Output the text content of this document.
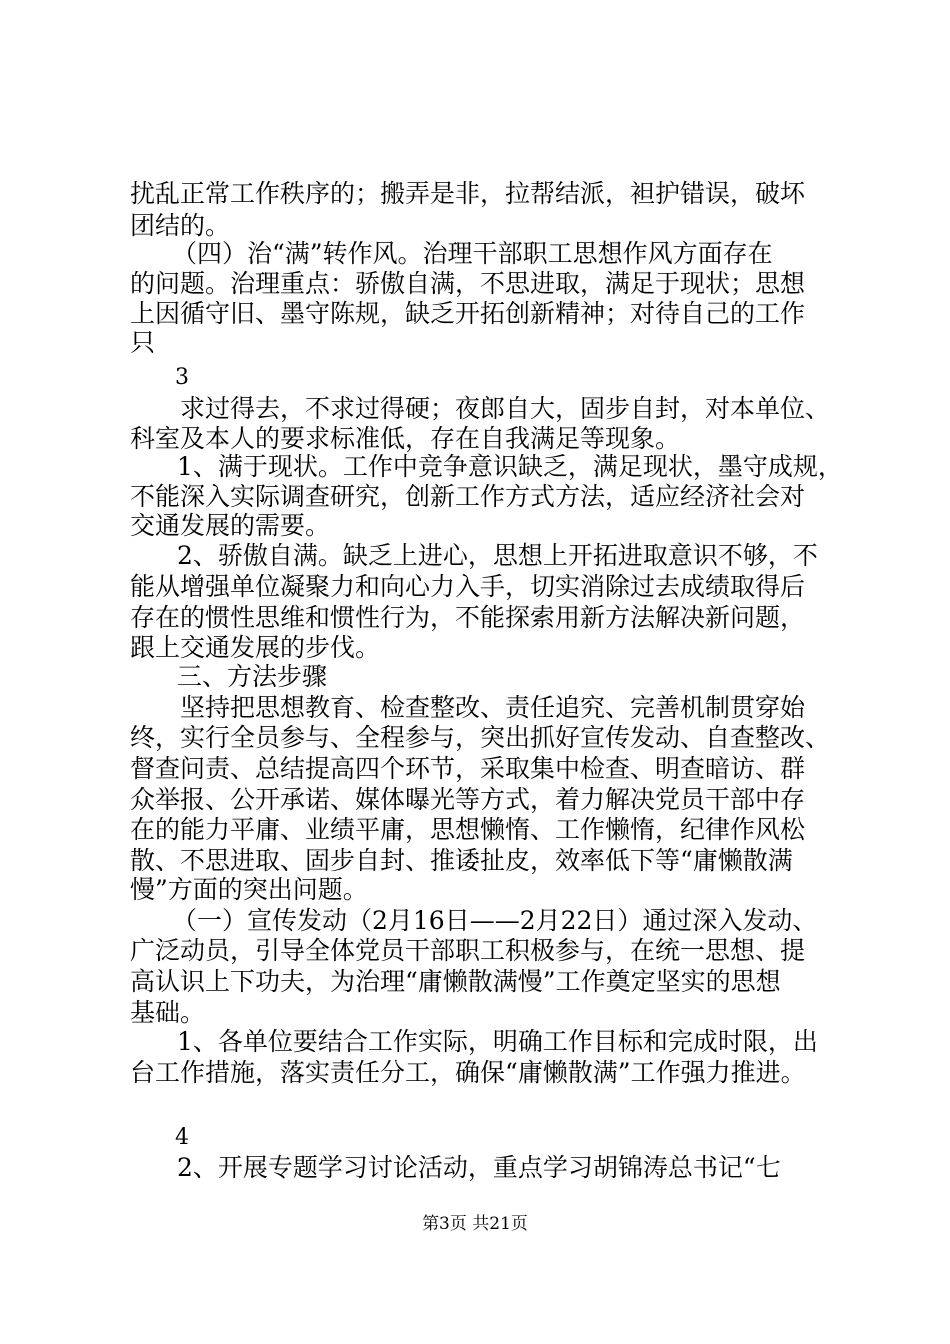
扰乱正常工作秩序的；搬弄是非，拉帮结派，袒护错误，破坏
团结的。
（四）治“满”转作风。治理干部职工思想作风方面存在
的问题。治理重点：骄傲自满，不思进取，满足于现状；思想
上因循守旧、墨守陈规，缺乏开拓创新精神；对待自己的工作
只
3
求过得去，不求过得硬；夜郎自大，固步自封，对本单位、
科室及本人的要求标准低，存在自我满足等现象。
1、满于现状。工作中竞争意识缺乏，满足现状，墨守成规，
不能深入实际调查研究，创新工作方式方法，适应经济社会对
交通发展的需要。
2、骄傲自满。缺乏上进心，思想上开拓进取意识不够，不
能从增强单位凝聚力和向心力入手，切实消除过去成绩取得后
存在的惯性思维和惯性行为，不能探索用新方法解决新问题，
跟上交通发展的步伐。
三、方法步骤
坚持把思想教育、检查整改、责任追究、完善机制贯穿始
终，实行全员参与、全程参与，突出抓好宣传发动、自查整改、
督查问责、总结提高四个环节，采取集中检查、明查暗访、群
众举报、公开承诺、媒体曝光等方式，着力解决党员干部中存
在的能力平庸、业绩平庸，思想懒惰、工作懒惰，纪律作风松
散、不思进取、固步自封、推诿扯皮，效率低下等“庸懒散满
慢”方面的突出问题。
（一）宣传发动（2月16日——2月22日）通过深入发动、
广泛动员，引导全体党员干部职工积极参与，在统一思想、提
高认识上下功夫，为治理“庸懒散满慢”工作奠定坚实的思想
基础。
1、各单位要结合工作实际，明确工作目标和完成时限，出
台工作措施，落实责任分工，确保“庸懒散满”工作强力推进。
4
2、开展专题学习讨论活动，重点学习胡锦涛总书记“七
第3页 共21页
